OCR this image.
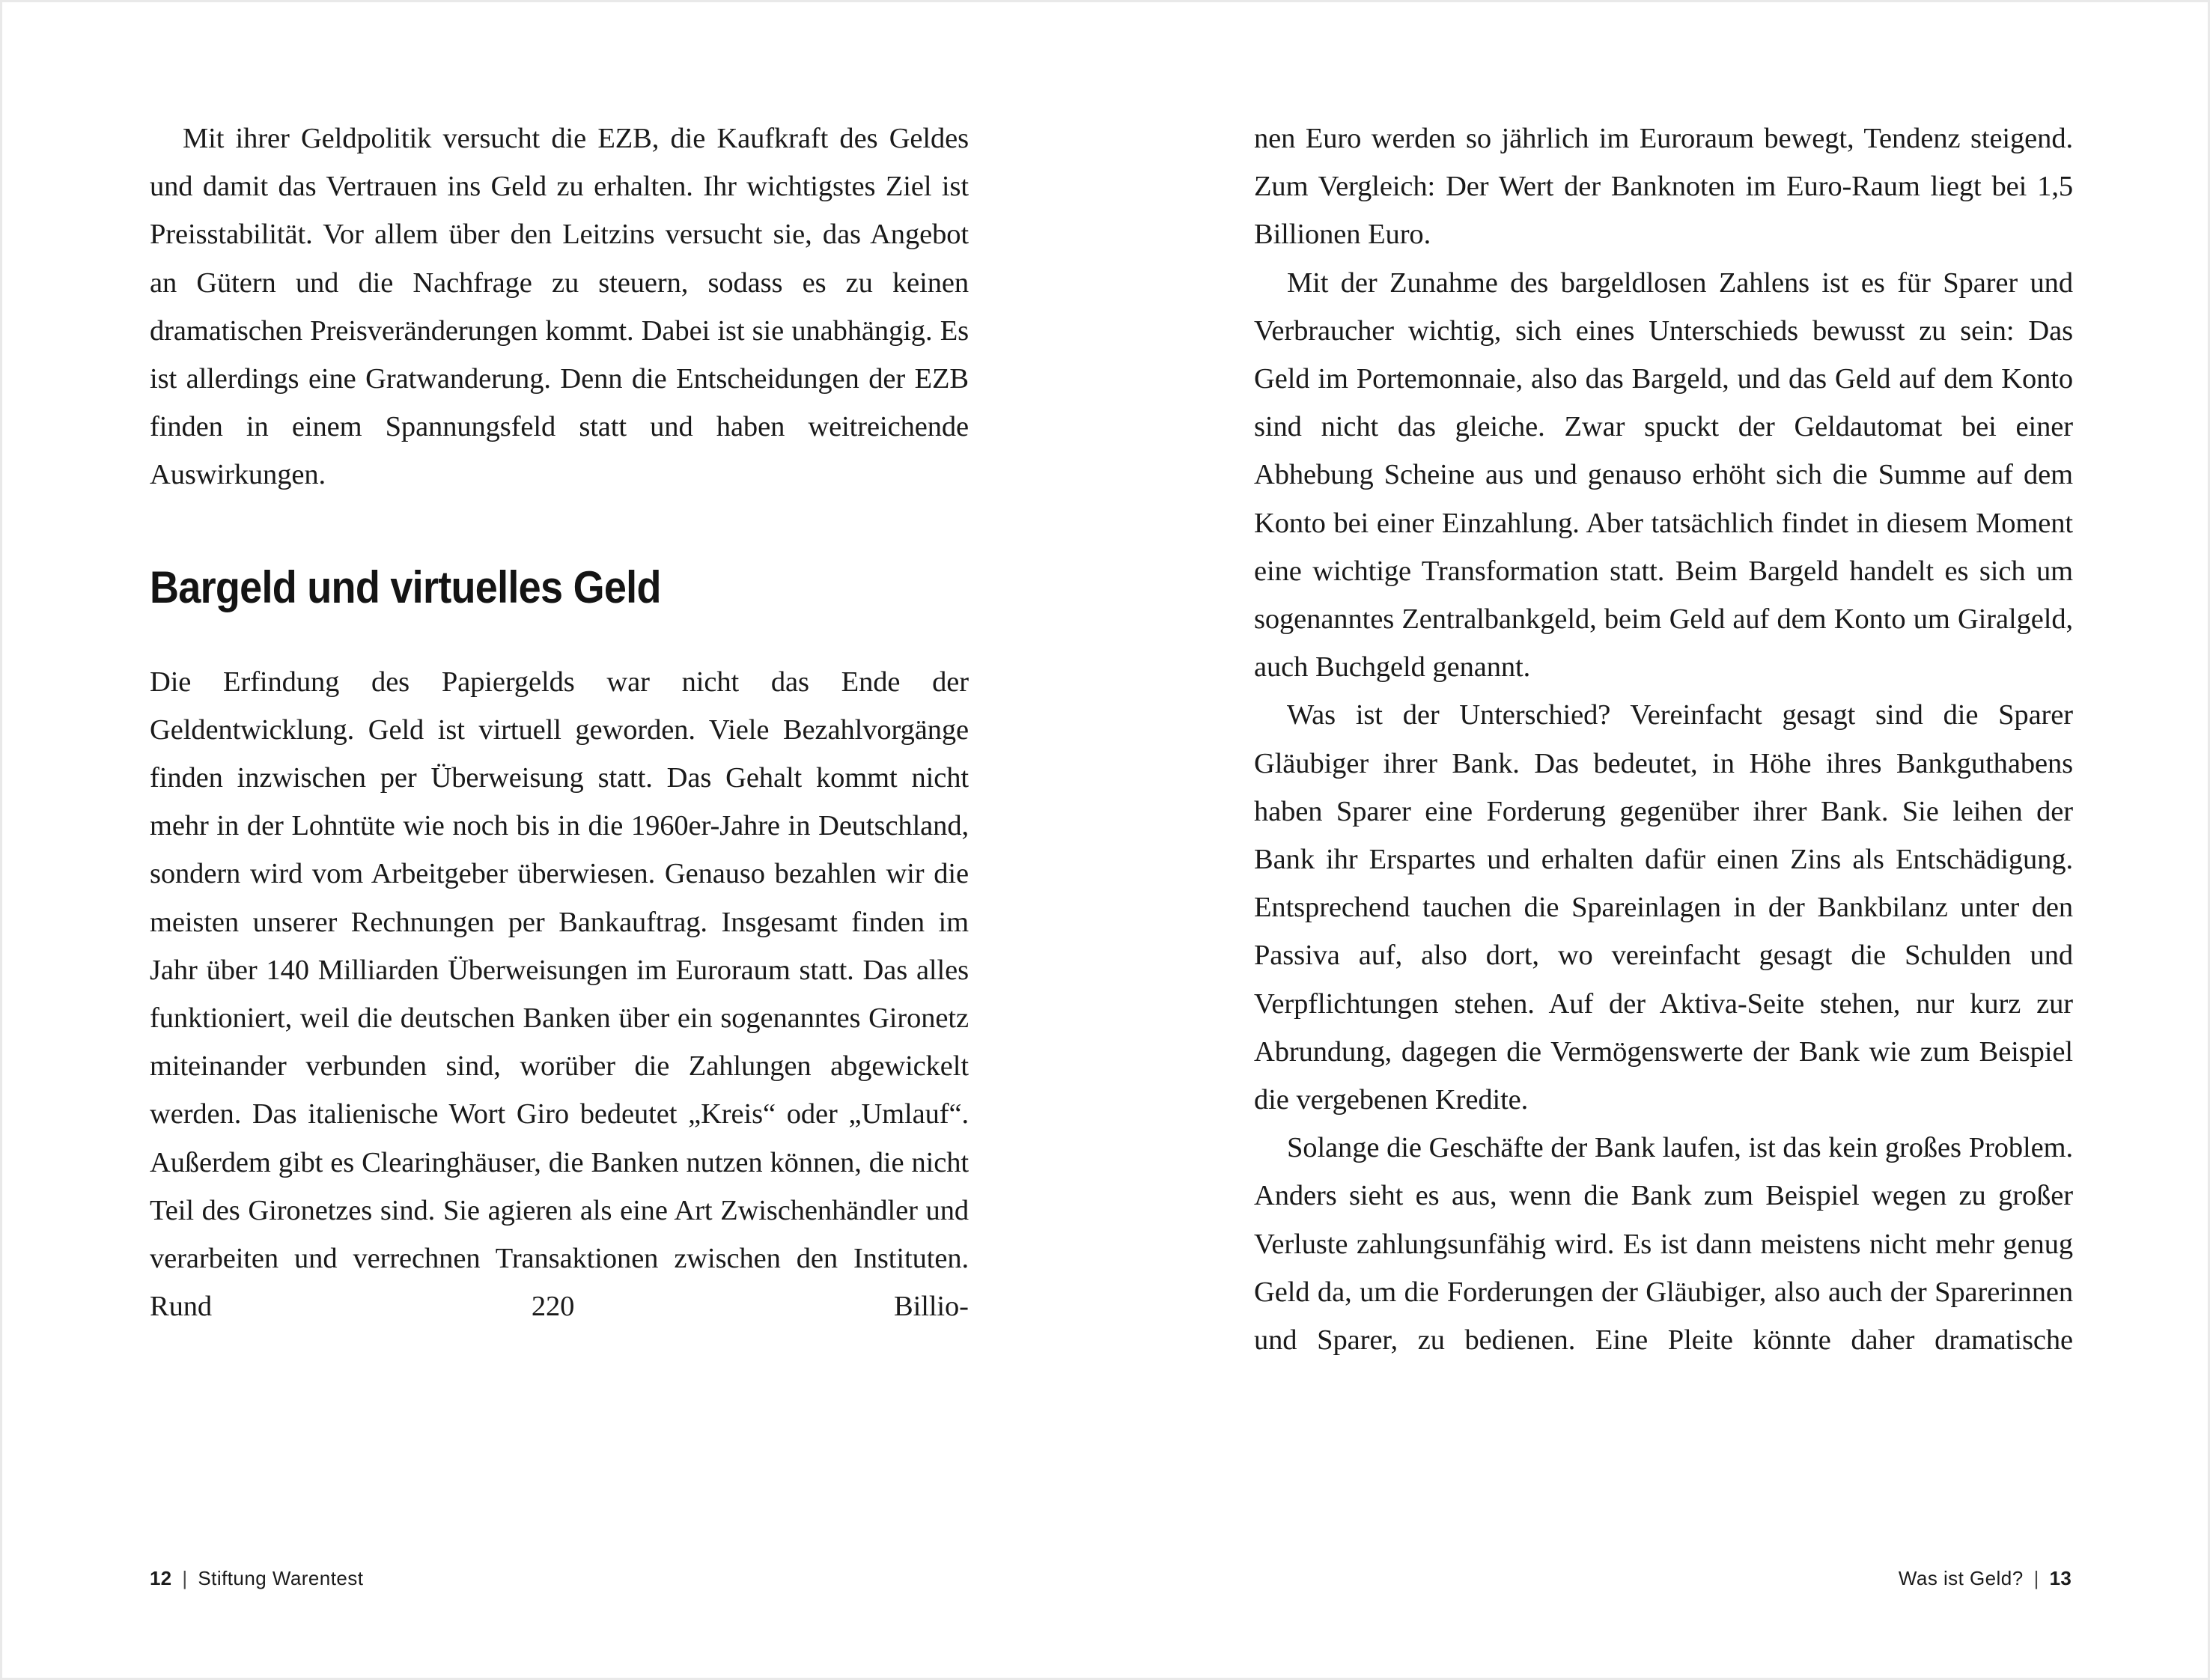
Mit ihrer Geldpolitik versucht die EZB, die Kaufkraft des Geldes und damit das Vertrauen ins Geld zu erhalten. Ihr wichtigstes Ziel ist Preisstabilität. Vor allem über den Leitzins versucht sie, das Angebot an Gütern und die Nachfrage zu steuern, sodass es zu keinen dramatischen Preisveränderungen kommt. Dabei ist sie unabhängig. Es ist allerdings eine Gratwanderung. Denn die Entscheidungen der EZB finden in einem Spannungsfeld statt und haben weitreichende Auswirkungen.

Bargeld und virtuelles Geld

Die Erfindung des Papiergelds war nicht das Ende der Geldentwicklung. Geld ist virtuell geworden. Viele Bezahlvorgänge finden inzwischen per Überweisung statt. Das Gehalt kommt nicht mehr in der Lohntüte wie noch bis in die 1960er-Jahre in Deutschland, sondern wird vom Arbeitgeber überwiesen. Genauso bezahlen wir die meisten unserer Rechnungen per Bankauftrag. Insgesamt finden im Jahr über 140 Milliarden Überweisungen im Euroraum statt. Das alles funktioniert, weil die deutschen Banken über ein sogenanntes Gironetz miteinander verbunden sind, worüber die Zahlungen abgewickelt werden. Das italienische Wort Giro bedeutet „Kreis“ oder „Umlauf“. Außerdem gibt es Clearinghäuser, die Banken nutzen können, die nicht Teil des Gironetzes sind. Sie agieren als eine Art Zwischenhändler und verarbeiten und verrechnen Transaktionen zwischen den Instituten. Rund 220 Billio

12 | Stiftung Warentest

nen Euro werden so jährlich im Euroraum bewegt, Tendenz steigend. Zum Vergleich: Der Wert der Banknoten im Euro-Raum liegt bei 1,5 Billionen Euro.

Mit der Zunahme des bargeldlosen Zahlens ist es für Sparer und Verbraucher wichtig, sich eines Unterschieds bewusst zu sein: Das Geld im Portemonnaie, also das Bargeld, und das Geld auf dem Konto sind nicht das gleiche. Zwar spuckt der Geldautomat bei einer Abhebung Scheine aus und genauso erhöht sich die Summe auf dem Konto bei einer Einzahlung. Aber tatsächlich findet in diesem Moment eine wichtige Transformation statt. Beim Bargeld handelt es sich um sogenanntes Zentralbankgeld, beim Geld auf dem Konto um Giralgeld, auch Buchgeld genannt.

Was ist der Unterschied? Vereinfacht gesagt sind die Sparer Gläubiger ihrer Bank. Das bedeutet, in Höhe ihres Bankguthabens haben Sparer eine Forderung gegenüber ihrer Bank. Sie leihen der Bank ihr Erspartes und erhalten dafür einen Zins als Entschädigung. Entsprechend tauchen die Spareinlagen in der Bankbilanz unter den Passiva auf, also dort, wo vereinfacht gesagt die Schulden und Verpflichtungen stehen. Auf der Aktiva-Seite stehen, nur kurz zur Abrundung, dagegen die Vermögenswerte der Bank wie zum Beispiel die vergebenen Kredite.

Solange die Geschäfte der Bank laufen, ist das kein großes Problem. Anders sieht es aus, wenn die Bank zum Beispiel wegen zu großer Verluste zahlungsunfähig wird. Es ist dann meistens nicht mehr genug Geld da, um die Forderungen der Gläubiger, also auch der Sparerinnen und Sparer, zu bedienen. Eine Pleite könnte daher dramatische

Was ist Geld? | 13
